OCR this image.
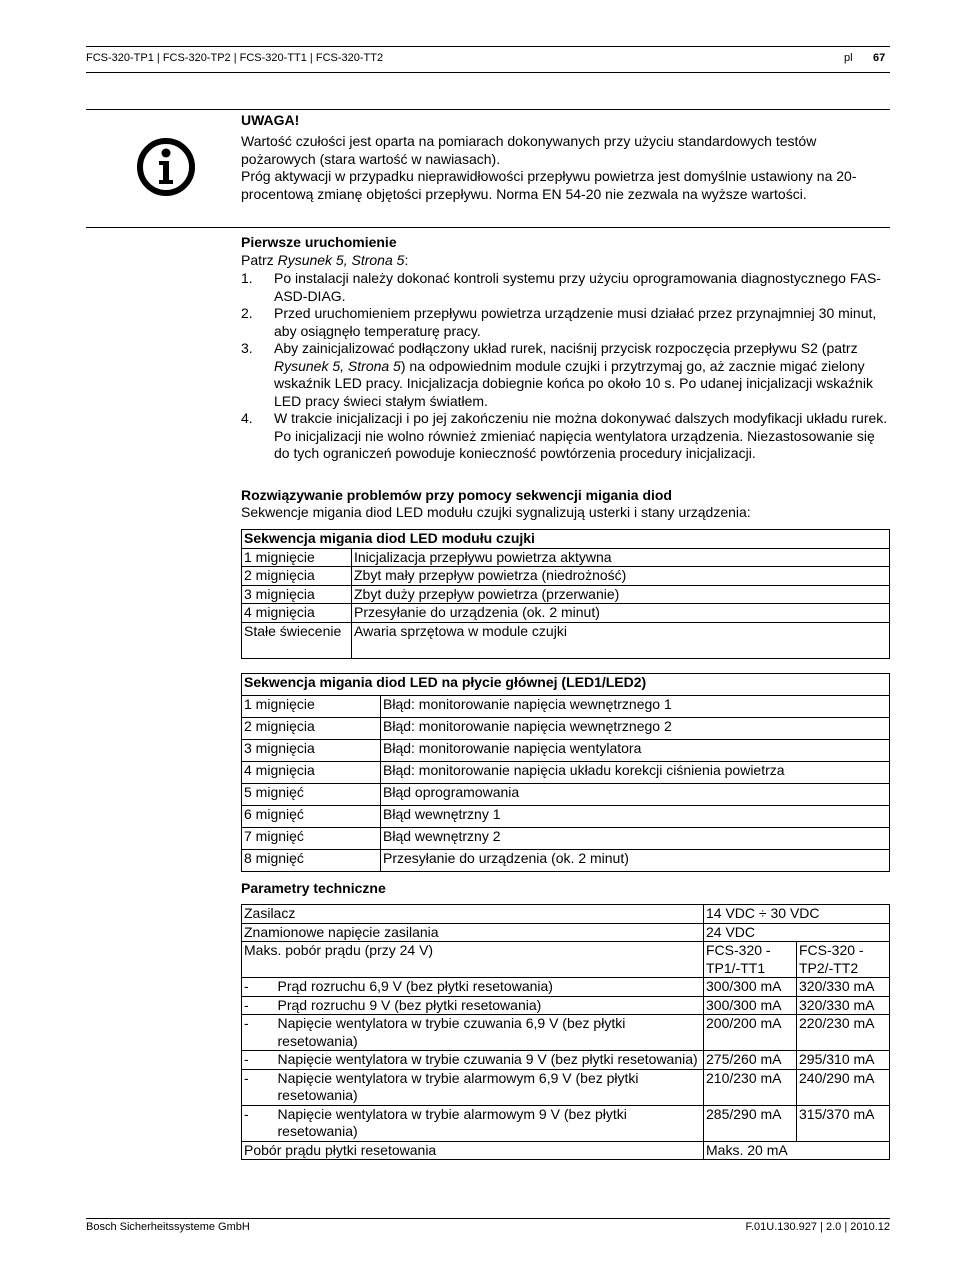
FCS-320-TP1 | FCS-320-TP2 | FCS-320-TT1 | FCS-320-TT2	pl 67
UWAGA!
Wartość czułości jest oparta na pomiarach dokonywanych przy użyciu standardowych testów pożarowych (stara wartość w nawiasach).
Próg aktywacji w przypadku nieprawidłowości przepływu powietrza jest domyślnie ustawiony na 20-procentową zmianę objętości przepływu. Norma EN 54-20 nie zezwala na wyższe wartości.
Pierwsze uruchomienie
Patrz Rysunek 5, Strona 5:
1. Po instalacji należy dokonać kontroli systemu przy użyciu oprogramowania diagnostycznego FAS-ASD-DIAG.
2. Przed uruchomieniem przepływu powietrza urządzenie musi działać przez przynajmniej 30 minut, aby osiągnęło temperaturę pracy.
3. Aby zainicjalizować podłączony układ rurek, naciśnij przycisk rozpoczęcia przepływu S2 (patrz Rysunek 5, Strona 5) na odpowiednim module czujki i przytrzymaj go, aż zacznie migać zielony wskaźnik LED pracy. Inicjalizacja dobiegnie końca po około 10 s. Po udanej inicjalizacji wskaźnik LED pracy świeci stałym światłem.
4. W trakcie inicjalizacji i po jej zakończeniu nie można dokonywać dalszych modyfikacji układu rurek. Po inicjalizacji nie wolno również zmieniać napięcia wentylatora urządzenia. Niezastosowanie się do tych ograniczeń powoduje konieczność powtórzenia procedury inicjalizacji.
Rozwiązywanie problemów przy pomocy sekwencji migania diod
Sekwencje migania diod LED modułu czujki sygnalizują usterki i stany urządzenia:
Sekwencja migania diod LED modułu czujki	
1 mignięcie	Inicjalizacja przepływu powietrza aktywna
2 mignięcia	Zbyt mały przepływ powietrza (niedrożność)
3 mignięcia	Zbyt duży przepływ powietrza (przerwanie)
4 mignięcia	Przesyłanie do urządzenia (ok. 2 minut)
Stałe świecenie	Awaria sprzętowa w module czujki
Sekwencja migania diod LED na płycie głównej (LED1/LED2)	
1 mignięcie	Błąd: monitorowanie napięcia wewnętrznego 1
2 mignięcia	Błąd: monitorowanie napięcia wewnętrznego 2
3 mignięcia	Błąd: monitorowanie napięcia wentylatora
4 mignięcia	Błąd: monitorowanie napięcia układu korekcji ciśnienia powietrza
5 mignięć	Błąd oprogramowania
6 mignięć	Błąd wewnętrzny 1
7 mignięć	Błąd wewnętrzny 2
8 mignięć	Przesyłanie do urządzenia (ok. 2 minut)
Parametry techniczne
Zasilacz		14 VDC ÷ 30 VDC	
Znamionowe napięcie zasilania		24 VDC	
Maks. pobór prądu (przy 24 V)		FCS-320 -TP1/-TT1	FCS-320 -TP2/-TT2
-	Prąd rozruchu 6,9 V (bez płytki resetowania)	300/300 mA	320/330 mA
-	Prąd rozruchu 9 V (bez płytki resetowania)	300/300 mA	320/330 mA
-	Napięcie wentylatora w trybie czuwania 6,9 V (bez płytki resetowania)	200/200 mA	220/230 mA
-	Napięcie wentylatora w trybie czuwania 9 V (bez płytki resetowania)	275/260 mA	295/310 mA
-	Napięcie wentylatora w trybie alarmowym 6,9 V (bez płytki resetowania)	210/230 mA	240/290 mA
-	Napięcie wentylatora w trybie alarmowym 9 V (bez płytki resetowania)	285/290 mA	315/370 mA
Pobór prądu płytki resetowania		Maks. 20 mA	
Bosch Sicherheitssysteme GmbH	F.01U.130.927 | 2.0 | 2010.12
